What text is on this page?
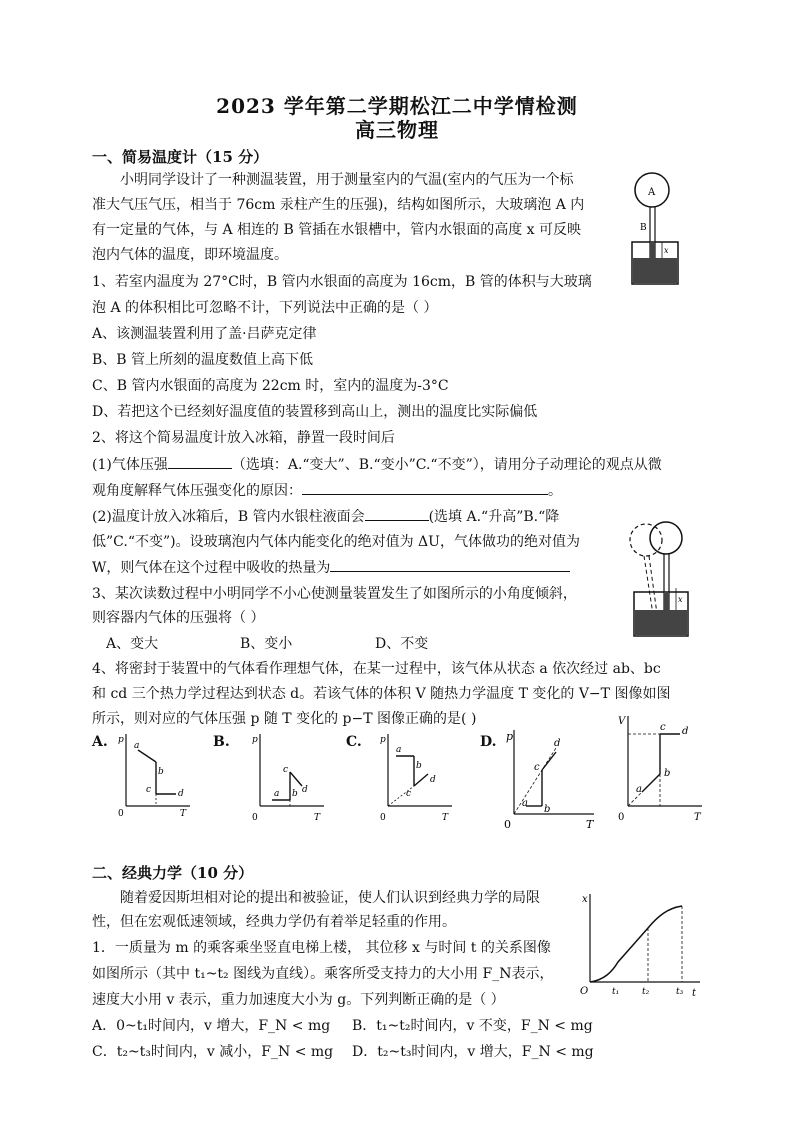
2023 学年第二学期松江二中学情检测
高三物理
一、简易温度计（15 分）
小明同学设计了一种测温装置，用于测量室内的气温(室内的气压为一个标
准大气压气压，相当于 76cm 汞柱产生的压强)，结构如图所示，大玻璃泡 A 内
有一定量的气体，与 A 相连的 B 管插在水银槽中，管内水银面的高度 x 可反映
泡内气体的温度，即环境温度。
1、若室内温度为 27°C时，B 管内水银面的高度为 16cm，B 管的体积与大玻璃
泡 A 的体积相比可忽略不计，下列说法中正确的是（ ）
A、该测温装置利用了盖·吕萨克定律
B、B 管上所刻的温度数值上高下低
C、B 管内水银面的高度为 22cm 时，室内的温度为-3°C
D、若把这个已经刻好温度值的装置移到高山上，测出的温度比实际偏低
2、将这个简易温度计放入冰箱，静置一段时间后
(1)气体压强	（选填：A.“变大”、B.“变小”C.“不变”），请用分子动理论的观点从微
观角度解释气体压强变化的原因：	。
(2)温度计放入冰箱后，B 管内水银柱液面会	(选填 A.“升高”B.“降
低”C.“不变”)。设玻璃泡内气体内能变化的绝对值为 ΔU，气体做功的绝对值为
W，则气体在这个过程中吸收的热量为
3、某次读数过程中小明同学不小心使测量装置发生了如图所示的小角度倾斜，
则容器内气体的压强将（ ）
A、变大	B、变小	D、不变
4、将密封于装置中的气体看作理想气体，在某一过程中，该气体从状态 a 依次经过 ab、bc
和 cd 三个热力学过程达到状态 d。若该气体的体积 V 随热力学温度 T 变化的 V−T 图像如图
所示，则对应的气体压强 p 随 T 变化的 p−T 图像正确的是( )
A.	B.	C.	D.
A
B
x
x
p
T
0
a
b
c	d
p
T
0
a b
c
d
p
T
0
a
b
c
d
p
T
0
a
b
c
d
V
T
0
a
b
c d
二、经典力学（10 分）
随着爱因斯坦相对论的提出和被验证，使人们认识到经典力学的局限
性，但在宏观低速领域，经典力学仍有着举足轻重的作用。
1．一质量为 m 的乘客乘坐竖直电梯上楼， 其位移 x 与时间 t 的关系图像
如图所示（其中 t₁~t₂ 图线为直线）。乘客所受支持力的大小用 F_N表示，
速度大小用 v 表示，重力加速度大小为 g。下列判断正确的是（ ）
A．0~t₁时间内，v 增大，F_N < mg B．t₁~t₂时间内，v 不变，F_N < mg
C．t₂~t₃时间内，v 减小，F_N < mg D．t₂~t₃时间内，v 增大，F_N < mg
x
t
O	t₁	t₂	t₃
